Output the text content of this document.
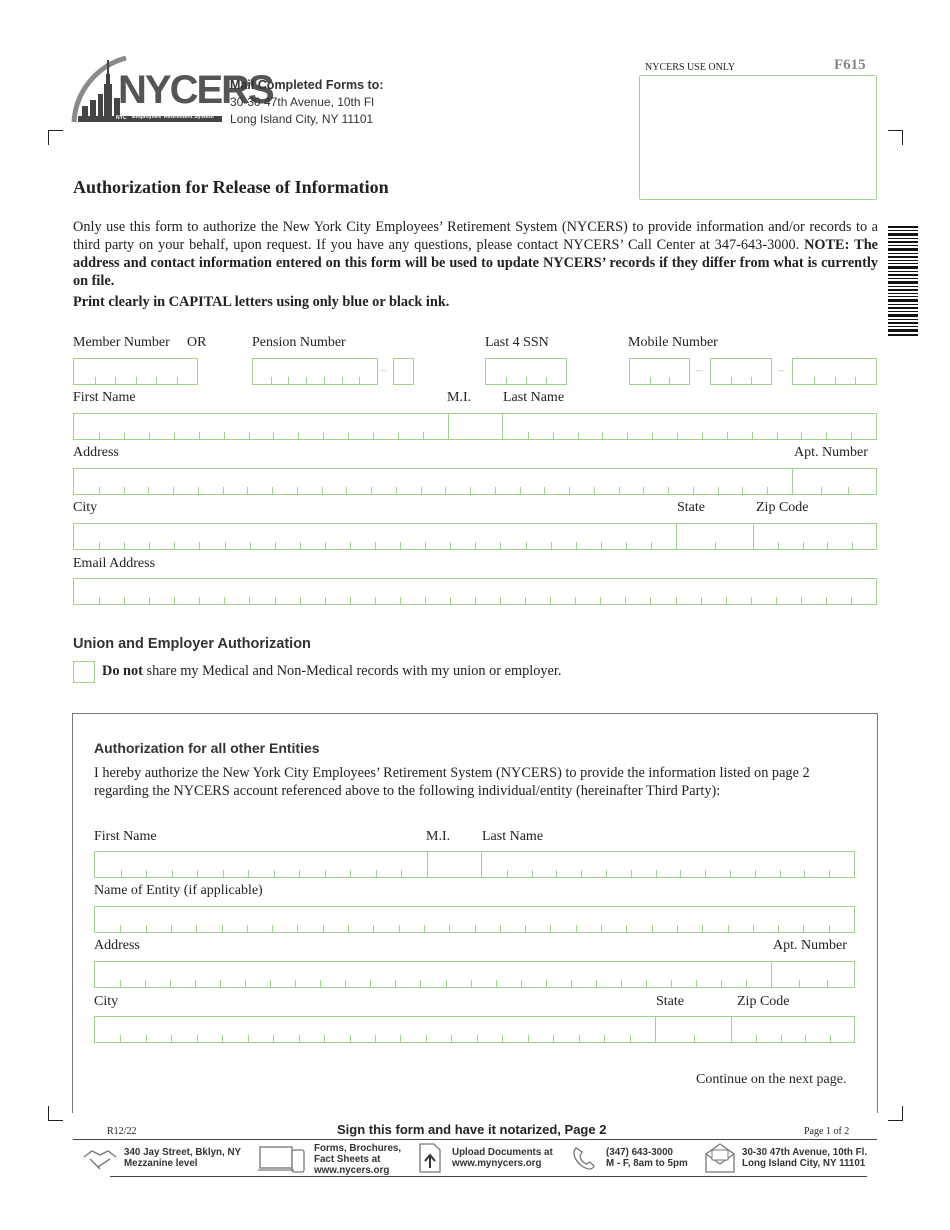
NYCERS
NYC Employees' Retirement System
Mail Completed Forms to:
30-30 47th Avenue, 10th Fl
Long Island City, NY 11101
NYCERS USE ONLY	F615
Authorization for Release of Information
Only use this form to authorize the New York City Employees’ Retirement System (NYCERS) to provide information and/or records to a third party on your behalf, upon request. If you have any questions, please contact NYCERS’ Call Center at 347-643-3000. NOTE: The address and contact information entered on this form will be used to update NYCERS’ records if they differ from what is currently on file.
Print clearly in CAPITAL letters using only blue or black ink.
Member Number OR	Pension Number	Last 4 SSN	Mobile Number
–	–	–
First Name	M.I. Last Name
Address	Apt. Number
City	State	Zip Code
Email Address
Union and Employer Authorization
Do not share my Medical and Non-Medical records with my union or employer.
Authorization for all other Entities
I hereby authorize the New York City Employees’ Retirement System (NYCERS) to provide the information listed on page 2 regarding the NYCERS account referenced above to the following individual/entity (hereinafter Third Party):
First Name	M.I. Last Name
Name of Entity (if applicable)
Address	Apt. Number
City	State	Zip Code
Continue on the next page.
R12/22	Sign this form and have it notarized, Page 2	Page 1 of 2
340 Jay Street, Bklyn, NY
Mezzanine level
Forms, Brochures,
Fact Sheets at
www.nycers.org
Upload Documents at
www.mynycers.org
(347) 643-3000
M - F, 8am to 5pm
30-30 47th Avenue, 10th Fl.
Long Island City, NY 11101
